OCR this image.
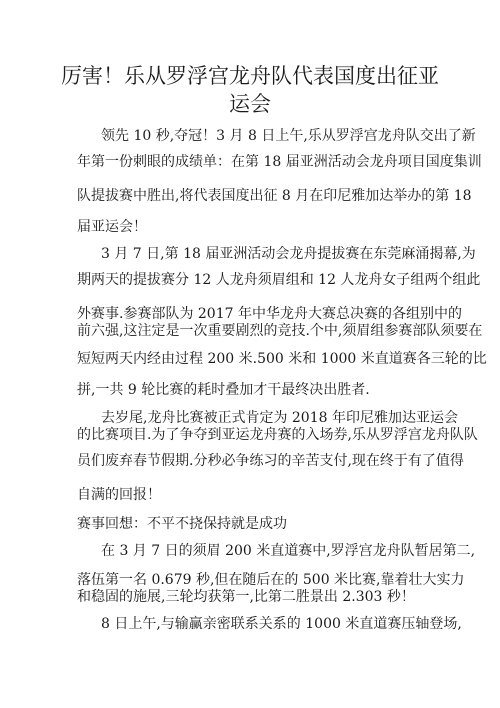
厉害！乐从罗浮宫龙舟队代表国度出征亚运会

领先 10 秒,夺冠！3 月 8 日上午,乐从罗浮宫龙舟队交出了新

年第一份刺眼的成绩单：在第 18 届亚洲活动会龙舟项目国度集训

队提拔赛中胜出,将代表国度出征 8 月在印尼雅加达举办的第 18

届亚运会！

3 月 7 日,第 18 届亚洲活动会龙舟提拔赛在东莞麻涌揭幕,为

期两天的提拔赛分 12 人龙舟须眉组和 12 人龙舟女子组两个组此

外赛事.参赛部队为 2017 年中华龙舟大赛总决赛的各组别中的

前六强,这注定是一次重要剧烈的竞技.个中,须眉组参赛部队须要在

短短两天内经由过程 200 米.500 米和 1000 米直道赛各三轮的比

拼,一共 9 轮比赛的耗时叠加才干最终决出胜者.

去岁尾,龙舟比赛被正式肯定为 2018 年印尼雅加达亚运会

的比赛项目.为了争夺到亚运龙舟赛的入场券,乐从罗浮宫龙舟队队

员们废弃春节假期.分秒必争练习的辛苦支付,现在终于有了值得

自满的回报！

赛事回想：不平不挠保持就是成功

在 3 月 7 日的须眉 200 米直道赛中,罗浮宫龙舟队暂居第二,

落伍第一名 0.679 秒,但在随后在的 500 米比赛,靠着壮大实力

和稳固的施展,三轮均获第一,比第二胜景出 2.303 秒！

8 日上午,与输赢亲密联系关系的 1000 米直道赛压轴登场,
